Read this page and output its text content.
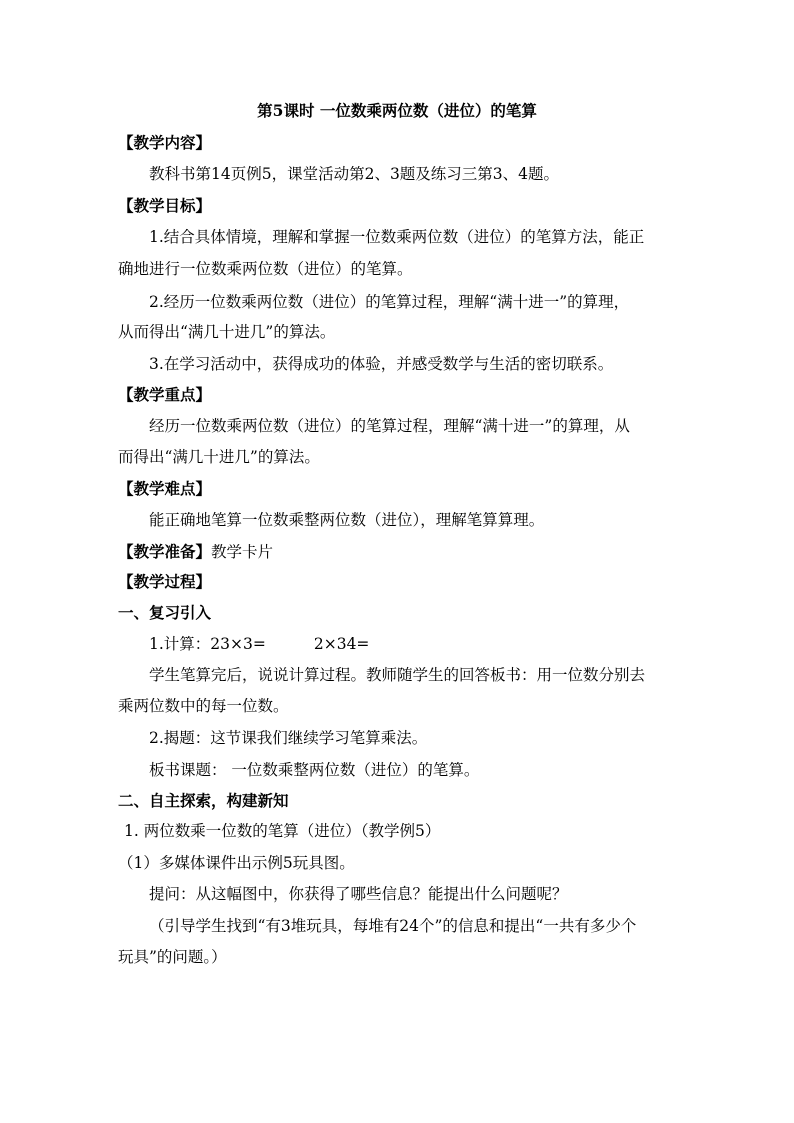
第5课时 一位数乘两位数（进位）的笔算
【教学内容】
教科书第14页例5，课堂活动第2、3题及练习三第3、4题。
【教学目标】
1.结合具体情境，理解和掌握一位数乘两位数（进位）的笔算方法，能正
确地进行一位数乘两位数（进位）的笔算。
2.经历一位数乘两位数（进位）的笔算过程，理解“满十进一”的算理，
从而得出“满几十进几”的算法。
3.在学习活动中，获得成功的体验，并感受数学与生活的密切联系。
【教学重点】
经历一位数乘两位数（进位）的笔算过程，理解“满十进一”的算理，从
而得出“满几十进几”的算法。
【教学难点】
能正确地笔算一位数乘整两位数（进位），理解笔算算理。
【教学准备】教学卡片
【教学过程】
一、复习引入
1.计算：23×3=	2×34=
学生笔算完后，说说计算过程。教师随学生的回答板书：用一位数分别去
乘两位数中的每一位数。
2.揭题：这节课我们继续学习笔算乘法。
板书课题： 一位数乘整两位数（进位）的笔算。
二、自主探索，构建新知
1. 两位数乘一位数的笔算（进位）（教学例5）
（1）多媒体课件出示例5玩具图。
提问：从这幅图中，你获得了哪些信息？能提出什么问题呢？
（引导学生找到“有3堆玩具，每堆有24个”的信息和提出“一共有多少个
玩具”的问题。）
